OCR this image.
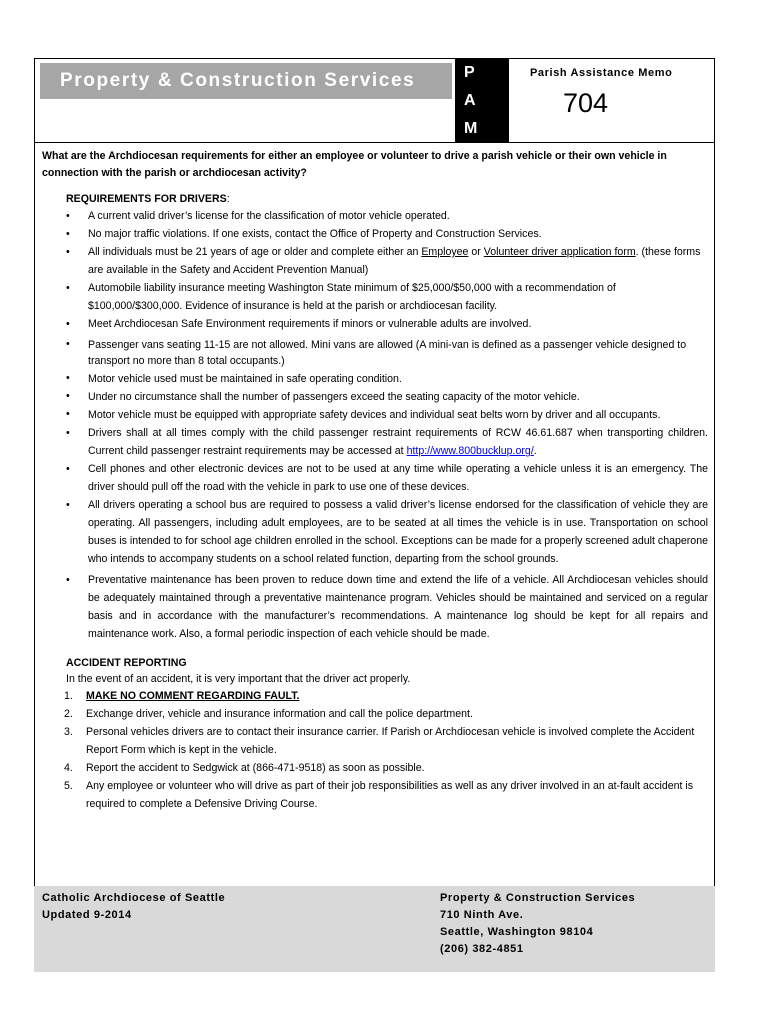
Property & Construction Services	P
A
M
Parish Assistance Memo
704
What are the Archdiocesan requirements for either an employee or volunteer to drive a parish vehicle or their own vehicle in connection with the parish or archdiocesan activity?
REQUIREMENTS FOR DRIVERS:
• A current valid driver’s license for the classification of motor vehicle operated.
• No major traffic violations. If one exists, contact the Office of Property and Construction Services.
• All individuals must be 21 years of age or older and complete either an Employee or Volunteer driver application form. (these forms are available in the Safety and Accident Prevention Manual)
• Automobile liability insurance meeting Washington State minimum of $25,000/$50,000 with a recommendation of $100,000/$300,000. Evidence of insurance is held at the parish or archdiocesan facility.
• Meet Archdiocesan Safe Environment requirements if minors or vulnerable adults are involved.
• Passenger vans seating 11-15 are not allowed. Mini vans are allowed (A mini-van is defined as a passenger vehicle designed to transport no more than 8 total occupants.)
• Motor vehicle used must be maintained in safe operating condition.
• Under no circumstance shall the number of passengers exceed the seating capacity of the motor vehicle.
• Motor vehicle must be equipped with appropriate safety devices and individual seat belts worn by driver and all occupants.
• Drivers shall at all times comply with the child passenger restraint requirements of RCW 46.61.687 when transporting children. Current child passenger restraint requirements may be accessed at http://www.800bucklup.org/.
• Cell phones and other electronic devices are not to be used at any time while operating a vehicle unless it is an emergency. The driver should pull off the road with the vehicle in park to use one of these devices.
• All drivers operating a school bus are required to possess a valid driver’s license endorsed for the classification of vehicle they are operating. All passengers, including adult employees, are to be seated at all times the vehicle is in use. Transportation on school buses is intended to for school age children enrolled in the school. Exceptions can be made for a properly screened adult chaperone who intends to accompany students on a school related function, departing from the school grounds.
• Preventative maintenance has been proven to reduce down time and extend the life of a vehicle. All Archdiocesan vehicles should be adequately maintained through a preventative maintenance program. Vehicles should be maintained and serviced on a regular basis and in accordance with the manufacturer’s recommendations. A maintenance log should be kept for all repairs and maintenance work. Also, a formal periodic inspection of each vehicle should be made.
ACCIDENT REPORTING
In the event of an accident, it is very important that the driver act properly.
1. MAKE NO COMMENT REGARDING FAULT.
2. Exchange driver, vehicle and insurance information and call the police department.
3. Personal vehicles drivers are to contact their insurance carrier. If Parish or Archdiocesan vehicle is involved complete the Accident Report Form which is kept in the vehicle.
4. Report the accident to Sedgwick at (866-471-9518) as soon as possible.
5. Any employee or volunteer who will drive as part of their job responsibilities as well as any driver involved in an at-fault accident is required to complete a Defensive Driving Course.
Catholic Archdiocese of Seattle
Updated 9-2014
Property & Construction Services
710 Ninth Ave.
Seattle, Washington 98104
(206) 382-4851
